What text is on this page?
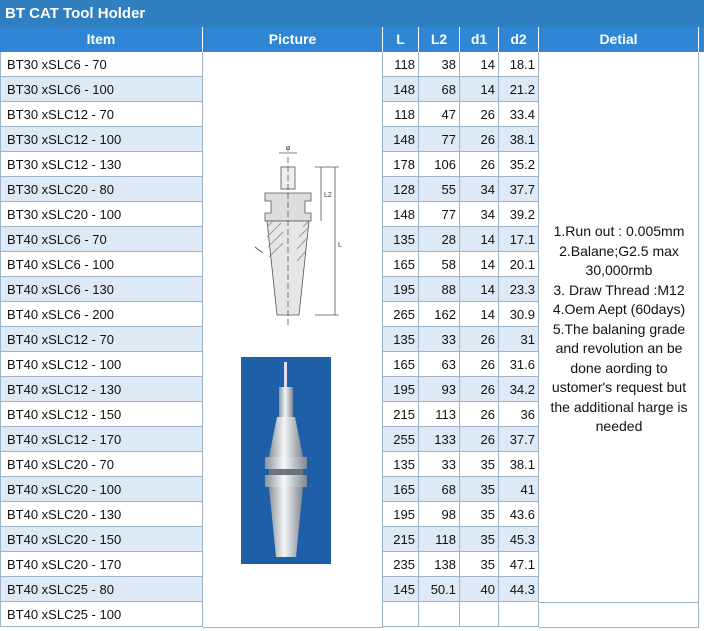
BT CAT Tool Holder
Item	Picture	L	L2	d1	d2	Detial
BT30 xSLC6 - 70	118	38	14	18.1
BT30 xSLC6 - 100	148	68	14	21.2
BT30 xSLC12 - 70	118	47	26	33.4
BT30 xSLC12 - 100	148	77	26	38.1
BT30 xSLC12 - 130	178	106	26	35.2
BT30 xSLC20 - 80	128	55	34	37.7
BT30 xSLC20 - 100	148	77	34	39.2
BT40 xSLC6 - 70	135	28	14	17.1
BT40 xSLC6 - 100	165	58	14	20.1
BT40 xSLC6 - 130	195	88	14	23.3
BT40 xSLC6 - 200	265	162	14	30.9
BT40 xSLC12 - 70	135	33	26	31
BT40 xSLC12 - 100	165	63	26	31.6
BT40 xSLC12 - 130	195	93	26	34.2
BT40 xSLC12 - 150	215	113	26	36
BT40 xSLC12 - 170	255	133	26	37.7
BT40 xSLC20 - 70	135	33	35	38.1
BT40 xSLC20 - 100	165	68	35	41
BT40 xSLC20 - 130	195	98	35	43.6
BT40 xSLC20 - 150	215	118	35	45.3
BT40 xSLC20 - 170	235	138	35	47.1
BT40 xSLC25 - 80	145	50.1	40	44.3
BT40 xSLC25 - 100
φ
L2
L
1.Run out : 0.005mm
2.Balane;G2.5 max
30,000rmb
3. Draw Thread :M12
4.Oem Aept (60days)
5.The balaning grade
and revolution an be
done aording to
ustomer's request but
the additional harge is
needed
